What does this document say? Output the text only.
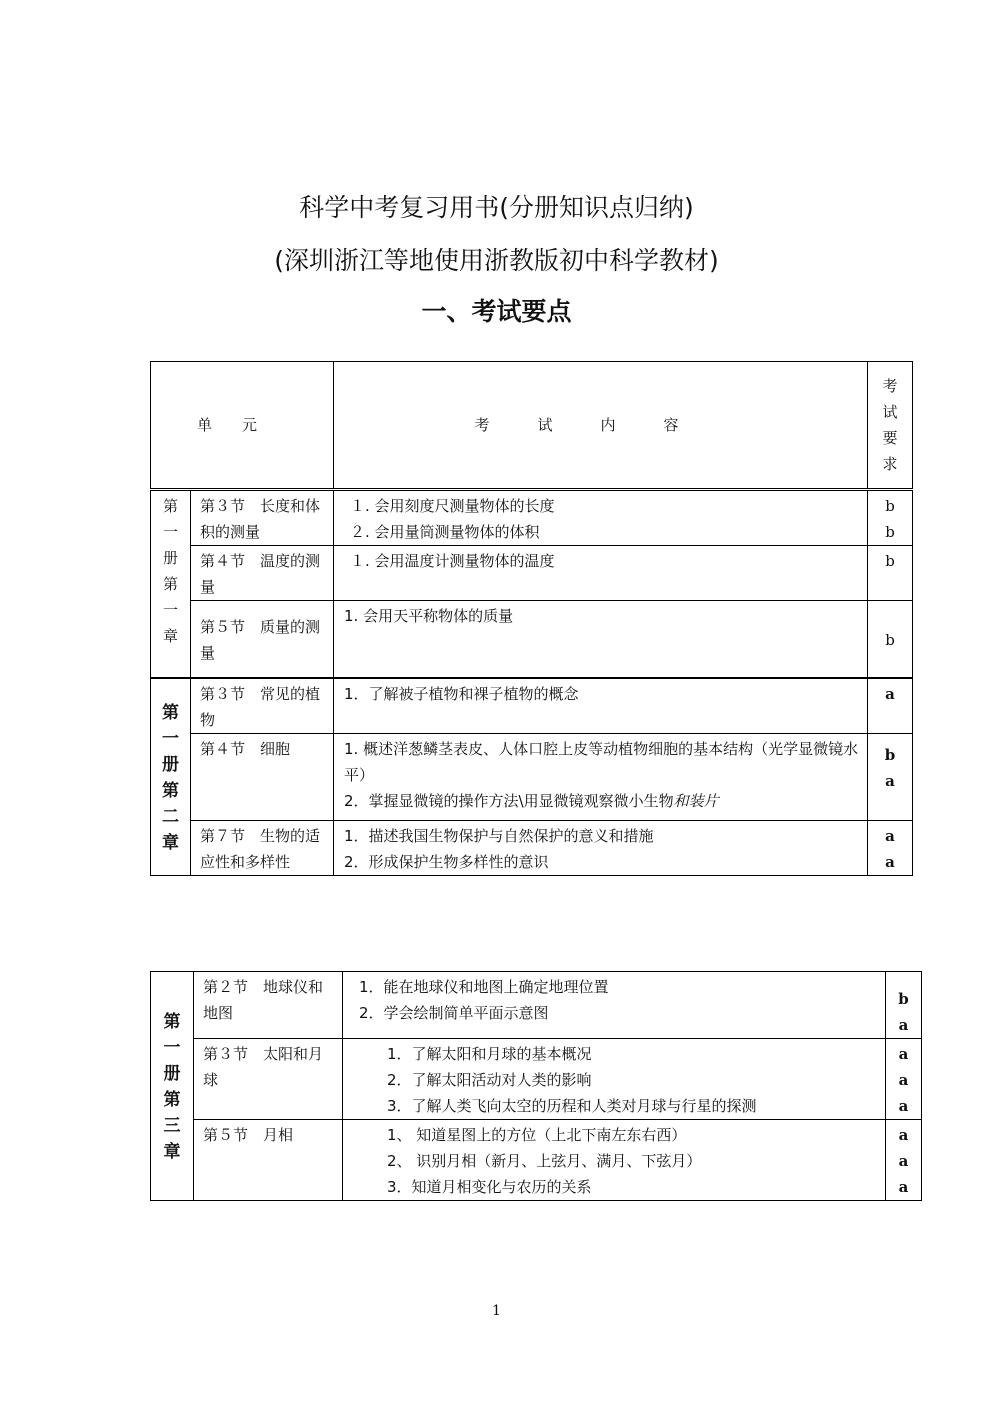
科学中考复习用书(分册知识点归纳)
(深圳浙江等地使用浙教版初中科学教材)
一、考试要点
单元		考试内容	考试要求

第一册第一章	第３节　长度和体积的测量	１. 会用刻度尺测量物体的长度
２. 会用量筒测量物体的体积	b
b

	第４节　温度的测量	１. 会用温度计测量物体的温度	b

	第５节　质量的测量	1. 会用天平称物体的质量	b

第一册第二章	第３节　常见的植物	1．了解被子植物和裸子植物的概念	a

	第４节　细胞	1. 概述洋葱鳞茎表皮、人体口腔上皮等动植物细胞的基本结构（光学显微镜水平）
2．掌握显微镜的操作方法\用显微镜观察微小生物和装片	b
a

	第７节　生物的适应性和多样性	1．描述我国生物保护与自然保护的意义和措施
2．形成保护生物多样性的意识	a
a
第一册第三章	第２节　地球仪和地图	1．能在地球仪和地图上确定地理位置
2．学会绘制简单平面示意图	b
a

	第３节　太阳和月球	1．了解太阳和月球的基本概况
2．了解太阳活动对人类的影响
3．了解人类飞向太空的历程和人类对月球与行星的探测	a
a
a

	第５节　月相	1、 知道星图上的方位（上北下南左东右西）
2、 识别月相（新月、上弦月、满月、下弦月）
3．知道月相变化与农历的关系	a
a
a
1
